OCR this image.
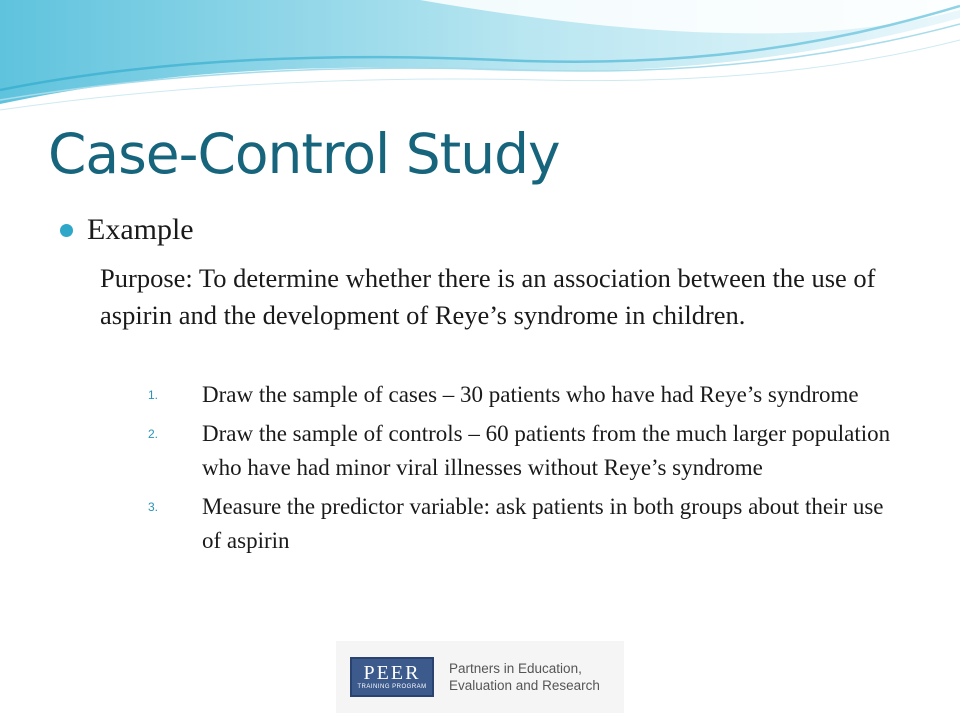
Case-Control Study
Example

Purpose: To determine whether there is an association between the use of aspirin and the development of Reye’s syndrome in children.

1. Draw the sample of cases – 30 patients who have had Reye’s syndrome
2. Draw the sample of controls – 60 patients from the much larger population who have had minor viral illnesses without Reye’s syndrome
3. Measure the predictor variable: ask patients in both groups about their use of aspirin
PEER
TRAINING PROGRAM
Partners in Education, Evaluation and Research
